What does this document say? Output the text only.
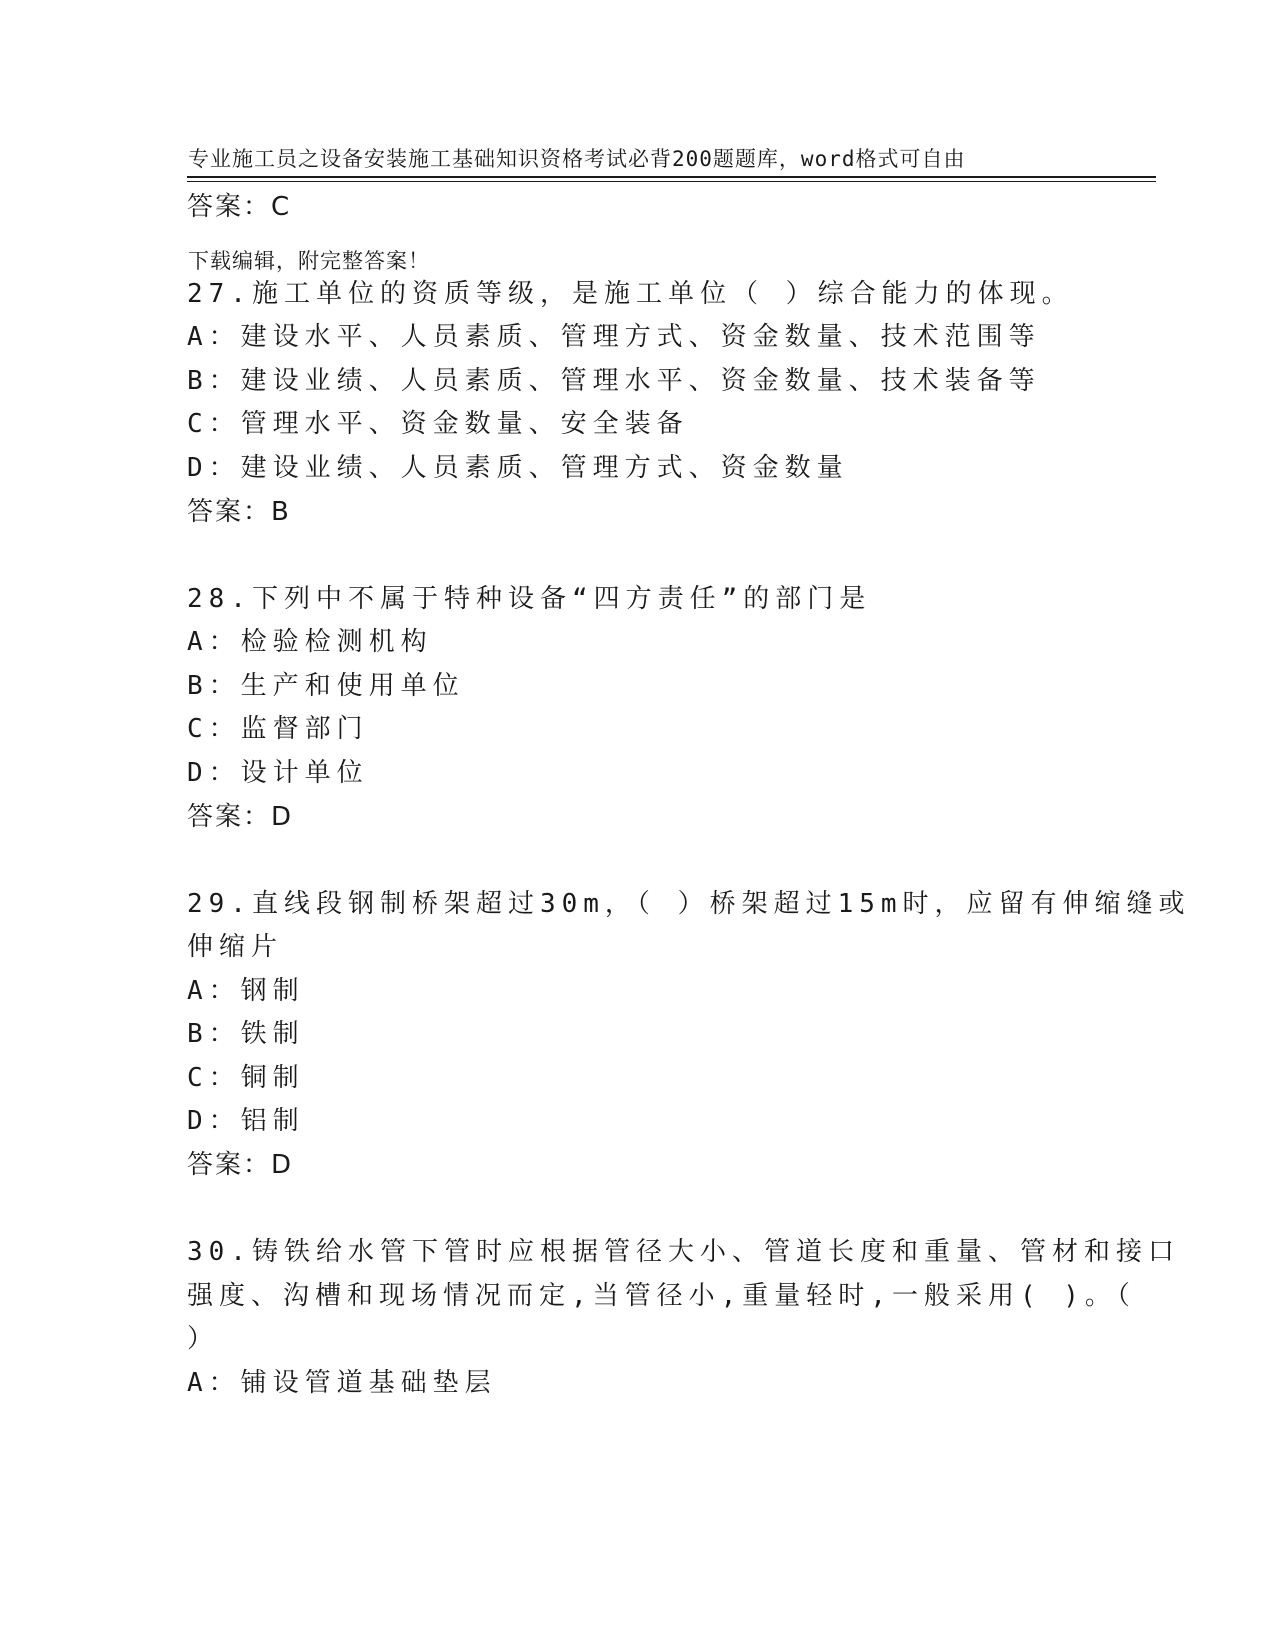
专业施工员之设备安装施工基础知识资格考试必背200题题库，word格式可自由

下载编辑，附完整答案！

答案：C
27.施工单位的资质等级，是施工单位（ ）综合能力的体现。
A：建设水平、人员素质、管理方式、资金数量、技术范围等
B：建设业绩、人员素质、管理水平、资金数量、技术装备等
C：管理水平、资金数量、安全装备
D：建设业绩、人员素质、管理方式、资金数量
答案：B
28.下列中不属于特种设备“四方责任”的部门是
A：检验检测机构
B：生产和使用单位
C：监督部门
D：设计单位
答案：D
29.直线段钢制桥架超过30m，（ ）桥架超过15m时，应留有伸缩缝或
伸缩片
A：钢制
B：铁制
C：铜制
D：铝制
答案：D
30.铸铁给水管下管时应根据管径大小、管道长度和重量、管材和接口
强度、沟槽和现场情况而定,当管径小,重量轻时,一般采用( )。（
）
A：铺设管道基础垫层
